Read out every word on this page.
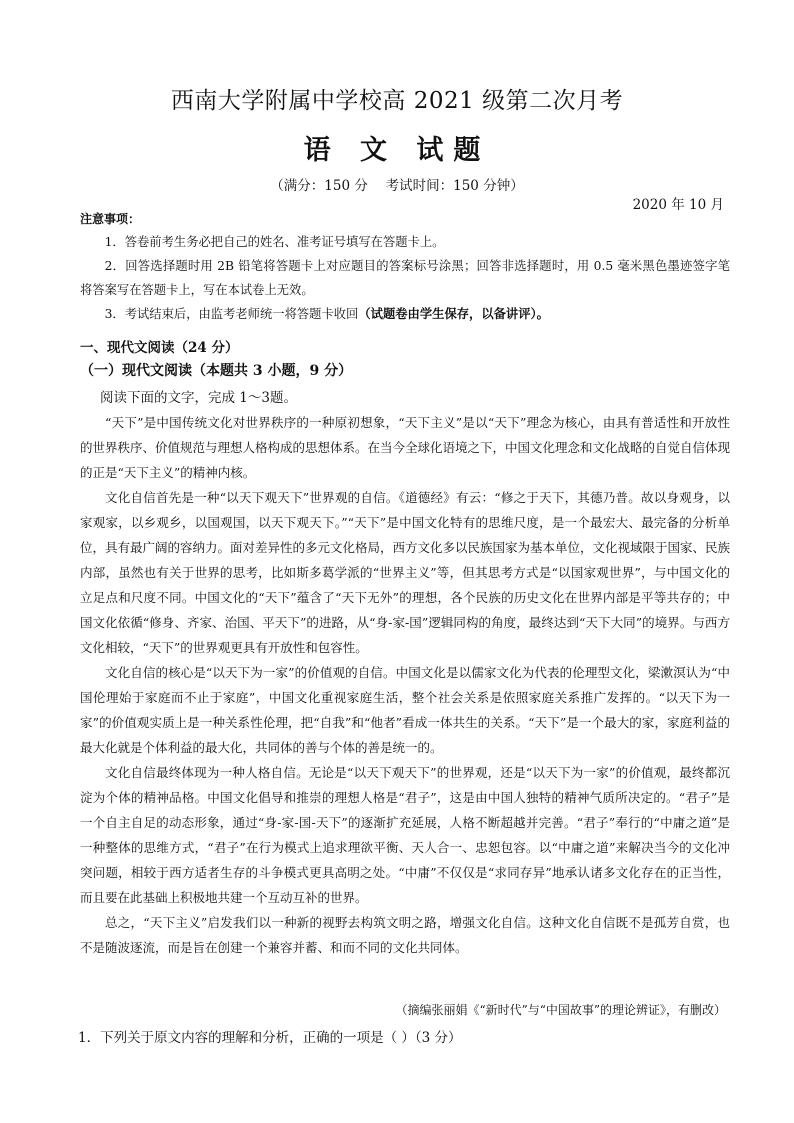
西南大学附属中学校高 2021 级第二次月考
语 文 试题
（满分：150 分　 考试时间：150 分钟）
2020 年 10 月
注意事项：

1．答卷前考生务必把自己的姓名、准考证号填写在答题卡上。

2．回答选择题时用 2B 铅笔将答题卡上对应题目的答案标号涂黑；回答非选择题时，用 0.5 毫米黑色墨迹签字笔将答案写在答题卡上，写在本试卷上无效。

3．考试结束后，由监考老师统一将答题卡收回（试题卷由学生保存，以备讲评）。

一、现代文阅读（24 分）
（一）现代文阅读（本题共 3 小题，9 分）
阅读下面的文字，完成 1～3题。

“天下”是中国传统文化对世界秩序的一种原初想象，“天下主义”是以“天下”理念为核心，由具有普适性和开放性的世界秩序、价值规范与理想人格构成的思想体系。在当今全球化语境之下，中国文化理念和文化战略的自觉自信体现的正是“天下主义”的精神内核。

文化自信首先是一种“以天下观天下”世界观的自信。《道德经》有云：“修之于天下，其德乃普。故以身观身，以家观家，以乡观乡，以国观国，以天下观天下。”“天下”是中国文化特有的思维尺度，是一个最宏大、最完备的分析单位，具有最广阔的容纳力。面对差异性的多元文化格局，西方文化多以民族国家为基本单位，文化视域限于国家、民族内部，虽然也有关于世界的思考，比如斯多葛学派的“世界主义”等，但其思考方式是“以国家观世界”，与中国文化的立足点和尺度不同。中国文化的“天下”蕴含了“天下无外”的理想，各个民族的历史文化在世界内部是平等共存的；中国文化依循“修身、齐家、治国、平天下”的进路，从“身-家-国”逻辑同构的角度，最终达到“天下大同”的境界。与西方文化相较，“天下”的世界观更具有开放性和包容性。

文化自信的核心是“以天下为一家”的价值观的自信。中国文化是以儒家文化为代表的伦理型文化，梁漱溟认为“中国伦理始于家庭而不止于家庭”，中国文化重视家庭生活，整个社会关系是依照家庭关系推广发挥的。“以天下为一家”的价值观实质上是一种关系性伦理，把“自我”和“他者”看成一体共生的关系。“天下”是一个最大的家，家庭利益的最大化就是个体利益的最大化，共同体的善与个体的善是统一的。

文化自信最终体现为一种人格自信。无论是“以天下观天下”的世界观，还是“以天下为一家”的价值观，最终都沉淀为个体的精神品格。中国文化倡导和推崇的理想人格是“君子”，这是由中国人独特的精神气质所决定的。“君子”是一个自主自足的动态形象，通过“身-家-国-天下”的逐渐扩充延展，人格不断超越并完善。“君子”奉行的“中庸之道”是一种整体的思维方式，“君子”在行为模式上追求理欲平衡、天人合一、忠恕包容。以“中庸之道”来解决当今的文化冲突问题，相较于西方适者生存的斗争模式更具高明之处。“中庸”不仅仅是“求同存异”地承认诸多文化存在的正当性，而且要在此基础上积极地共建一个互动互补的世界。

总之，“天下主义”启发我们以一种新的视野去构筑文明之路，增强文化自信。这种文化自信既不是孤芳自赏，也不是随波逐流，而是旨在创建一个兼容并蓄、和而不同的文化共同体。

（摘编张丽娟《“新时代”与“中国故事”的理论辨证》，有删改）
1．下列关于原文内容的理解和分析，正确的一项是（ ）（3 分）
